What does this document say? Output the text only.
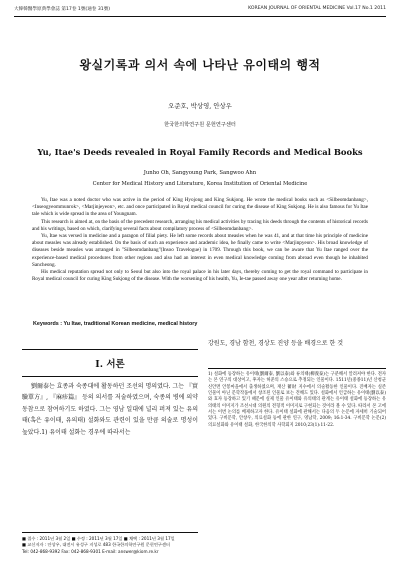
大韓韓醫學原典學會誌 第17卷 1號(通卷 31號)	KOREAN JOURNAL OF ORIENTAL MEDICINE Vol.17 No.1 2011
왕실기록과 의서 속에 나타난 유이태의 행적
오준호, 박상영, 안상우
한국한의학연구원 문헌연구센터
Yu, Itae's Deeds revealed in Royal Family Records and Medical Books
Junho Oh, Sangyoung Park, Sangwoo Ahn
Center for Medical History and Literature, Korea Institution of Oriental Medicine

Yu, Itae was a noted doctor who was active in the period of King Hyojong and King Sukjong. He wrote the medical books such as <Silbeomdanbang>,<Inseogyeommunrok>, <Marjinjeyeon>, etc. and once participated in Royal medical council for curing the disease of King Sukjong. He is also famous for Yu Itae tale which is wide spread in the area of Youngnam.

This research is aimed at, on the basis of the precedent research, arranging his medical activities by tracing his deeds through the contents of historical records and his writings, based on which, clarifying several facts about compilatory process of <Silbeomdanbang>.

Yu, Itae was versed in medicine and a paragon of filial piety. He left some records about measles when he was 41, and at that time his principle of medicine about measles was already established. On the basis of such an experience and academic idea, he finally came to write <Marjinpyeon>. His broad knowledge of diseases beside measles was arranged in "Silbeomdanbang"(Insoo Travelogue) in 1709. Through this book, we can be aware that Yu Itae ranged over the experience-based medical procedures from other regions and also had an interest in even medical knowledge coming from abroad even though he inhabited Sancheong.

His medical reputation spread not only to Seoul but also into the royal palace in his later days, thereby coming to get the royal command to participate in Royal medical council for curing King Sukjong of the disease. With the worsening of his health, Yu, Ie-tae passed away one year after returning home.

Keywords : Yu Itae, traditional Korean medicine, medical history
Ⅰ. 서론

劉爾泰는 효종과 숙종대에 활동하던 조선의 명의였다. 그는 『實驗單方』, 『麻疹篇』 등의 의서를 저술하였으며, 숙종의 병에 의약동참으로 참여하기도 하였다. 그는 영남 일대에 널리 퍼져 있는 유의태(혹은 유이태, 유의태) 설화와도 관련이 있을 만큼 의술로 명성이 높았다.1) 유이태 설화는 경우에 따라서는

■ 접수 : 2011년 3월 2일 ■ 수정 : 2011년 3월 17일 ■ 채택 : 2011년 3월 17일
■ 교신저자 : 안상우, 대전시 유성구 지성로 483 한국한의학연구원 문헌연구센터
Tel: 042-868-9392 Fax: 042-868-9301 E-mail: answer@kiom.re.kr
강원도, 경남 함천, 경상도 진양 등을 배경으로 한 것
1) 설화에 등장하는 유이태(劉爾泰, 劉以泰)와 류의태(柳義泰)는 구분해서 알려져야 한다. 전자는 본 연구의 대상이고, 후자는 허준의 스승으로 추정되는 인물이다. 1511년(중종11)년 산청군 신안면 안봉마을에서 출생하였으며, 재산 蓄財 지수에서 의술활동한 인물이다. 진배자는 실존 인물이 아닌 문학작품에서 창조된 인물로 보는 견해도 있다. 설화에서 언급하는 유이태(劉以泰)와 효자 등장하고 있기 때문에 실제 인물 유이태와 유의태의 관계는 유이태 설화에 등장하는 유의태의 이미지가 조선시대 의원의 전형적 이미지로 구현되는 것이라 볼 수 있다. 따라서 본 고에서는 이번 논의를 배제하고자 한다. 유이태 설화에 관해서는 다음의 두 논문에 자세히 기술되어 있다. 구비문학, 안창우, 의료설화 등에 관한 연구, 영남학, 2009; 16:1-34. 구비문학 논문(2) 의료설화와 유이태 설화, 한국한의학 사학회지 2010;23(1):11-22.
